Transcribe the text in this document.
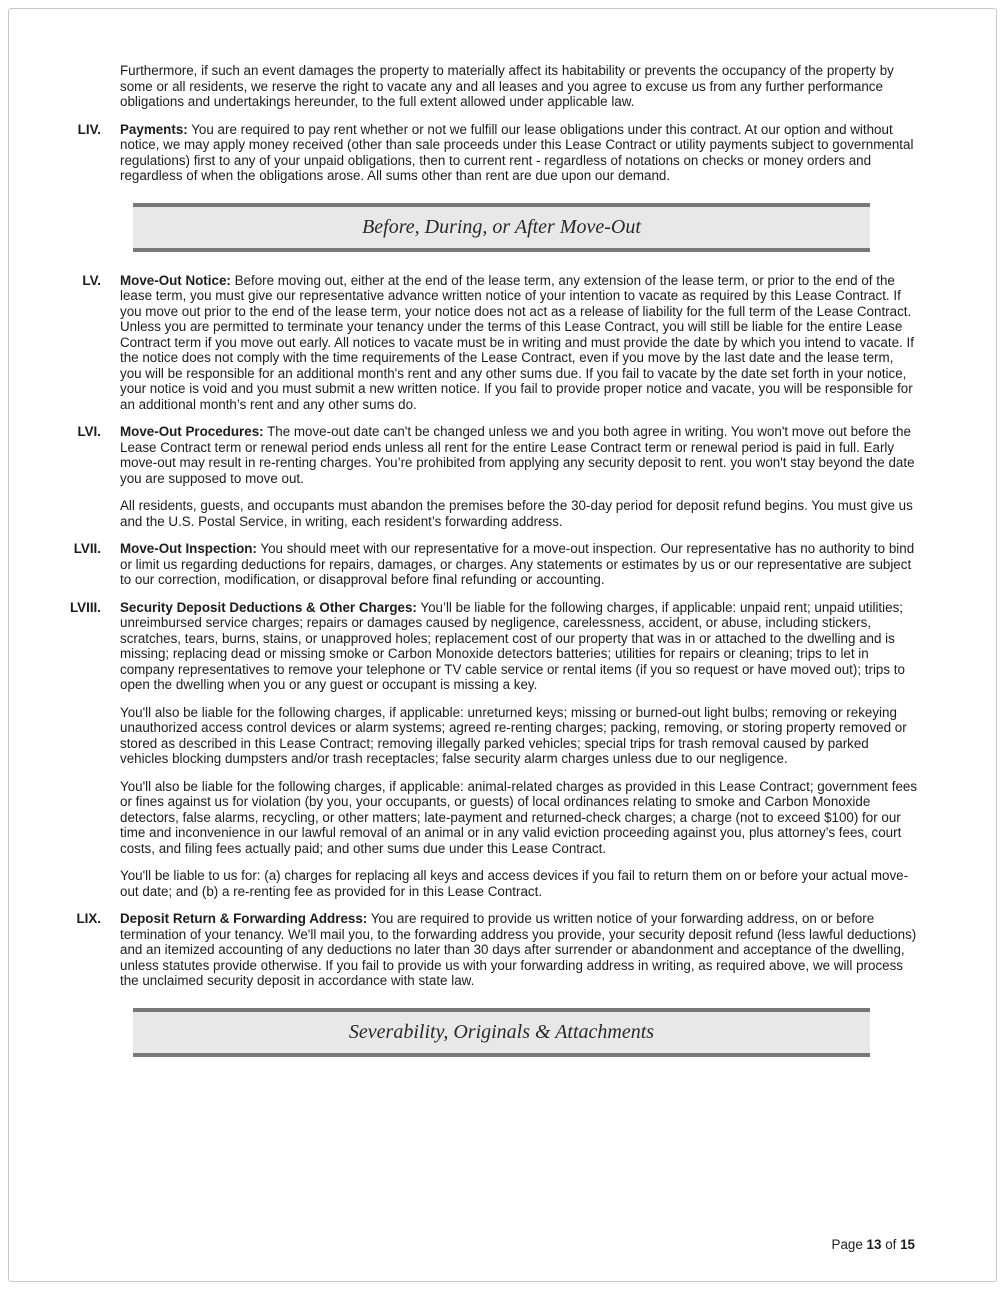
Furthermore, if such an event damages the property to materially affect its habitability or prevents the occupancy of the property by some or all residents, we reserve the right to vacate any and all leases and you agree to excuse us from any further performance obligations and undertakings hereunder, to the full extent allowed under applicable law.

LIV. Payments: You are required to pay rent whether or not we fulfill our lease obligations under this contract. At our option and without notice, we may apply money received (other than sale proceeds under this Lease Contract or utility payments subject to governmental regulations) first to any of your unpaid obligations, then to current rent - regardless of notations on checks or money orders and regardless of when the obligations arose. All sums other than rent are due upon our demand.

Before, During, or After Move-Out
LV. Move-Out Notice: Before moving out, either at the end of the lease term, any extension of the lease term, or prior to the end of the lease term, you must give our representative advance written notice of your intention to vacate as required by this Lease Contract. If you move out prior to the end of the lease term, your notice does not act as a release of liability for the full term of the Lease Contract. Unless you are permitted to terminate your tenancy under the terms of this Lease Contract, you will still be liable for the entire Lease Contract term if you move out early. All notices to vacate must be in writing and must provide the date by which you intend to vacate. If the notice does not comply with the time requirements of the Lease Contract, even if you move by the last date and the lease term, you will be responsible for an additional month's rent and any other sums due. If you fail to vacate by the date set forth in your notice, your notice is void and you must submit a new written notice. If you fail to provide proper notice and vacate, you will be responsible for an additional month’s rent and any other sums do.

LVI. Move-Out Procedures: The move-out date can't be changed unless we and you both agree in writing. You won't move out before the Lease Contract term or renewal period ends unless all rent for the entire Lease Contract term or renewal period is paid in full. Early move-out may result in re-renting charges. You’re prohibited from applying any security deposit to rent. you won't stay beyond the date you are supposed to move out.

All residents, guests, and occupants must abandon the premises before the 30-day period for deposit refund begins. You must give us and the U.S. Postal Service, in writing, each resident’s forwarding address.

LVII. Move-Out Inspection: You should meet with our representative for a move-out inspection. Our representative has no authority to bind or limit us regarding deductions for repairs, damages, or charges. Any statements or estimates by us or our representative are subject to our correction, modification, or disapproval before final refunding or accounting.

LVIII. Security Deposit Deductions & Other Charges: You’ll be liable for the following charges, if applicable: unpaid rent; unpaid utilities; unreimbursed service charges; repairs or damages caused by negligence, carelessness, accident, or abuse, including stickers, scratches, tears, burns, stains, or unapproved holes; replacement cost of our property that was in or attached to the dwelling and is missing; replacing dead or missing smoke or Carbon Monoxide detectors batteries; utilities for repairs or cleaning; trips to let in company representatives to remove your telephone or TV cable service or rental items (if you so request or have moved out); trips to open the dwelling when you or any guest or occupant is missing a key.

You'll also be liable for the following charges, if applicable: unreturned keys; missing or burned-out light bulbs; removing or rekeying unauthorized access control devices or alarm systems; agreed re-renting charges; packing, removing, or storing property removed or stored as described in this Lease Contract; removing illegally parked vehicles; special trips for trash removal caused by parked vehicles blocking dumpsters and/or trash receptacles; false security alarm charges unless due to our negligence.

You'll also be liable for the following charges, if applicable: animal-related charges as provided in this Lease Contract; government fees or fines against us for violation (by you, your occupants, or guests) of local ordinances relating to smoke and Carbon Monoxide detectors, false alarms, recycling, or other matters; late-payment and returned-check charges; a charge (not to exceed $100) for our time and inconvenience in our lawful removal of an animal or in any valid eviction proceeding against you, plus attorney’s fees, court costs, and filing fees actually paid; and other sums due under this Lease Contract.

You'll be liable to us for: (a) charges for replacing all keys and access devices if you fail to return them on or before your actual move-out date; and (b) a re-renting fee as provided for in this Lease Contract.

LIX. Deposit Return & Forwarding Address: You are required to provide us written notice of your forwarding address, on or before termination of your tenancy. We'll mail you, to the forwarding address you provide, your security deposit refund (less lawful deductions) and an itemized accounting of any deductions no later than 30 days after surrender or abandonment and acceptance of the dwelling, unless statutes provide otherwise. If you fail to provide us with your forwarding address in writing, as required above, we will process the unclaimed security deposit in accordance with state law.

Severability, Originals & Attachments
Page 13 of 15
